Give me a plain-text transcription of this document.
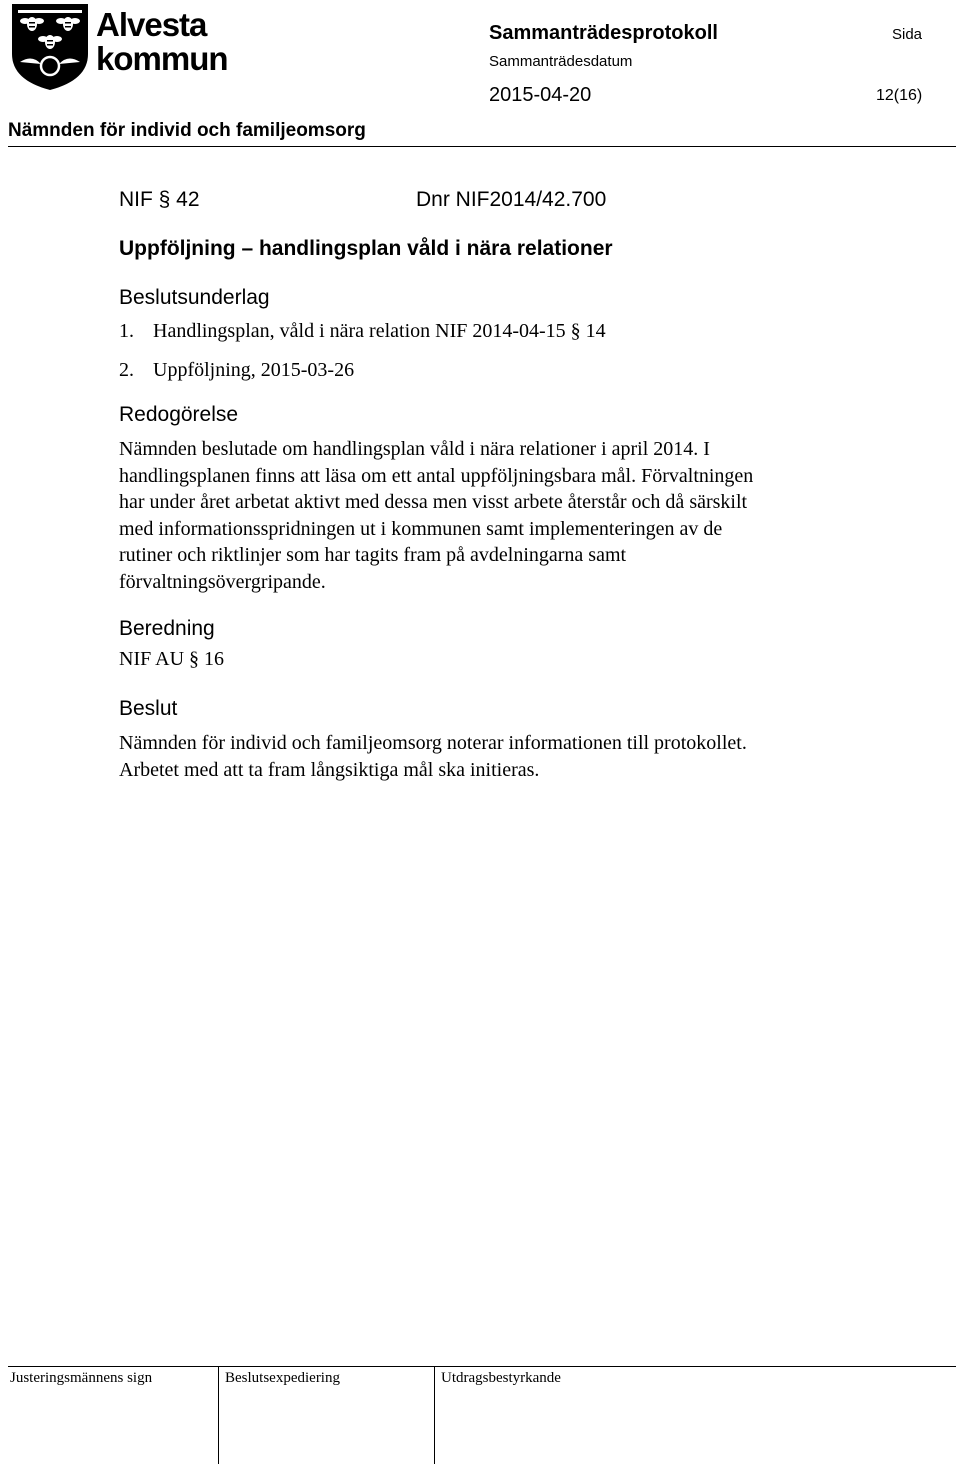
Alvesta
kommun
Sammanträdesprotokoll	Sida
Sammanträdesdatum
2015-04-20	12(16)
Nämnden för individ och familjeomsorg
NIF § 42	Dnr NIF2014/42.700
Uppföljning – handlingsplan våld i nära relationer
Beslutsunderlag
1. Handlingsplan, våld i nära relation NIF 2014-04-15 § 14
2. Uppföljning, 2015-03-26
Redogörelse
Nämnden beslutade om handlingsplan våld i nära relationer i april 2014. I handlingsplanen finns att läsa om ett antal uppföljningsbara mål. Förvaltningen har under året arbetat aktivt med dessa men visst arbete återstår och då särskilt med informationsspridningen ut i kommunen samt implementeringen av de rutiner och riktlinjer som har tagits fram på avdelningarna samt förvaltningsövergripande.
Beredning
NIF AU § 16
Beslut
Nämnden för individ och familjeomsorg noterar informationen till protokollet. Arbetet med att ta fram långsiktiga mål ska initieras.
Justeringsmännens sign	Beslutsexpediering	Utdragsbestyrkande
